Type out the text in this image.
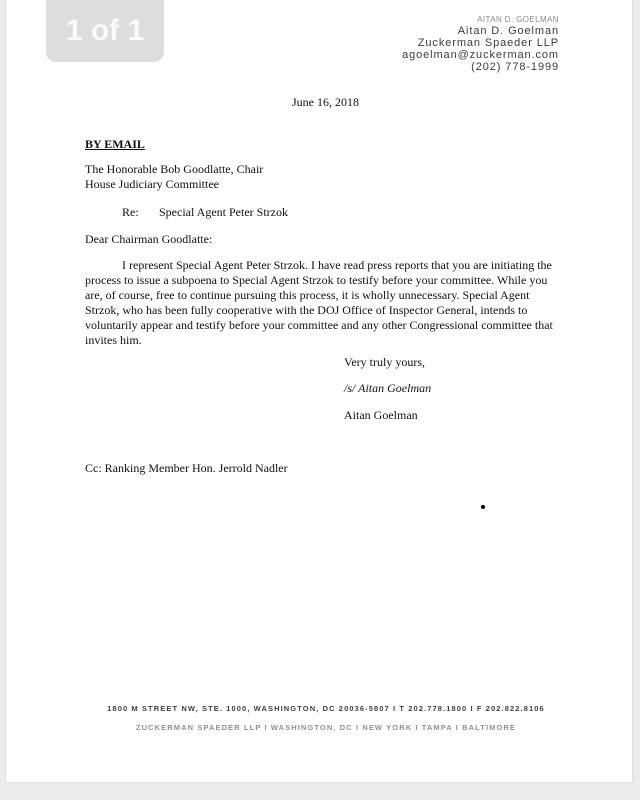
1 of 1	AITAN D. GOELMAN
Aitan D. Goelman
Zuckerman Spaeder LLP
agoelman@zuckerman.com
(202) 778-1999
June 16, 2018
BY EMAIL
The Honorable Bob Goodlatte, Chair
House Judiciary Committee
Re: Special Agent Peter Strzok
Dear Chairman Goodlatte:
I represent Special Agent Peter Strzok. I have read press reports that you are initiating the
process to issue a subpoena to Special Agent Strzok to testify before your committee. While you
are, of course, free to continue pursuing this process, it is wholly unnecessary. Special Agent
Strzok, who has been fully cooperative with the DOJ Office of Inspector General, intends to
voluntarily appear and testify before your committee and any other Congressional committee that
invites him.
Very truly yours,
/s/ Aitan Goelman
Aitan Goelman
Cc: Ranking Member Hon. Jerrold Nadler
1800 M STREET NW, STE. 1000, WASHINGTON, DC 20036-5807 I T 202.778.1800 I F 202.822.8106
ZUCKERMAN SPAEDER LLP I WASHINGTON, DC I NEW YORK I TAMPA I BALTIMORE
